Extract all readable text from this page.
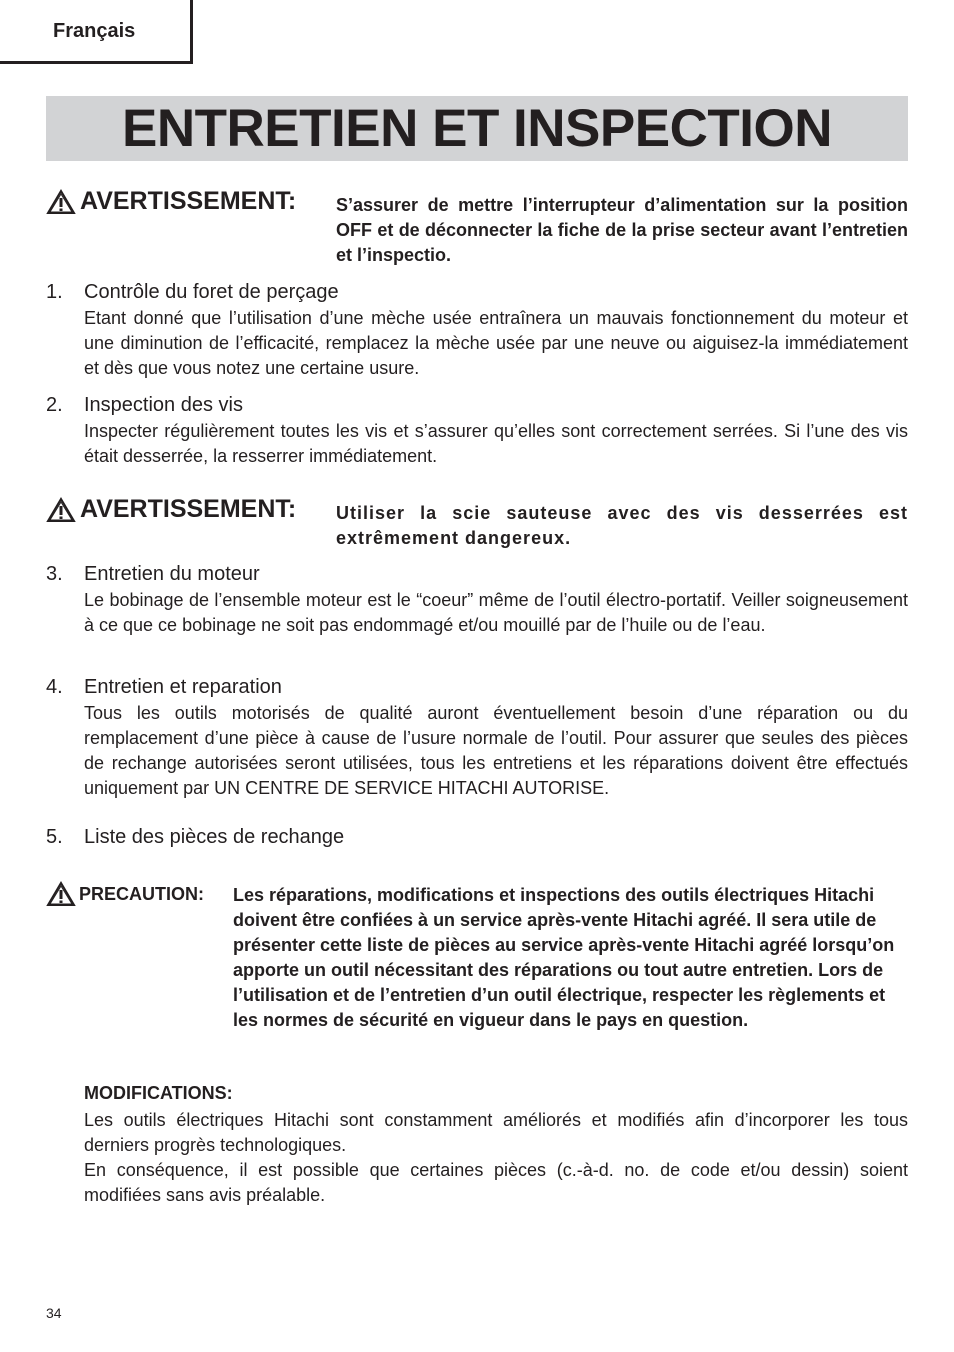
Français
ENTRETIEN ET INSPECTION
AVERTISSEMENT: S’assurer de mettre l’interrupteur d’alimentation sur la position OFF et de déconnecter la fiche de la prise secteur avant l’entretien et l’inspectio.
1. Contrôle du foret de perçage
Etant donné que l’utilisation d’une mèche usée entraînera un mauvais fonctionnement du moteur et une diminution de l’efficacité, remplacez la mèche usée par une neuve ou aiguisez-la immédiatement et dès que vous notez une certaine usure.
2. Inspection des vis
Inspecter régulièrement toutes les vis et s’assurer qu’elles sont correctement serrées. Si l’une des vis était desserrée, la resserrer immédiatement.
AVERTISSEMENT: Utiliser la scie sauteuse avec des vis desserrées est extrêmement dangereux.
3. Entretien du moteur
Le bobinage de l’ensemble moteur est le “coeur” même de l’outil électro-portatif. Veiller soigneusement à ce que ce bobinage ne soit pas endommagé et/ou mouillé par de l’huile ou de l’eau.
4. Entretien et reparation
Tous les outils motorisés de qualité auront éventuellement besoin d’une réparation ou du remplacement d’une pièce à cause de l’usure normale de l’outil. Pour assurer que seules des pièces de rechange autorisées seront utilisées, tous les entretiens et les réparations doivent être effectués uniquement par UN CENTRE DE SERVICE HITACHI AUTORISE.
5. Liste des pièces de rechange
PRECAUTION: Les réparations, modifications et inspections des outils électriques Hitachi doivent être confiées à un service après-vente Hitachi agréé. Il sera utile de présenter cette liste de pièces au service après-vente Hitachi agréé lorsqu’on apporte un outil nécessitant des réparations ou tout autre entretien. Lors de l’utilisation et de l’entretien d’un outil électrique, respecter les règlements et les normes de sécurité en vigueur dans le pays en question.
MODIFICATIONS:
Les outils électriques Hitachi sont constamment améliorés et modifiés afin d’incorporer les tous derniers progrès technologiques.
En conséquence, il est possible que certaines pièces (c.-à-d. no. de code et/ou dessin) soient modifiées sans avis préalable.
34
